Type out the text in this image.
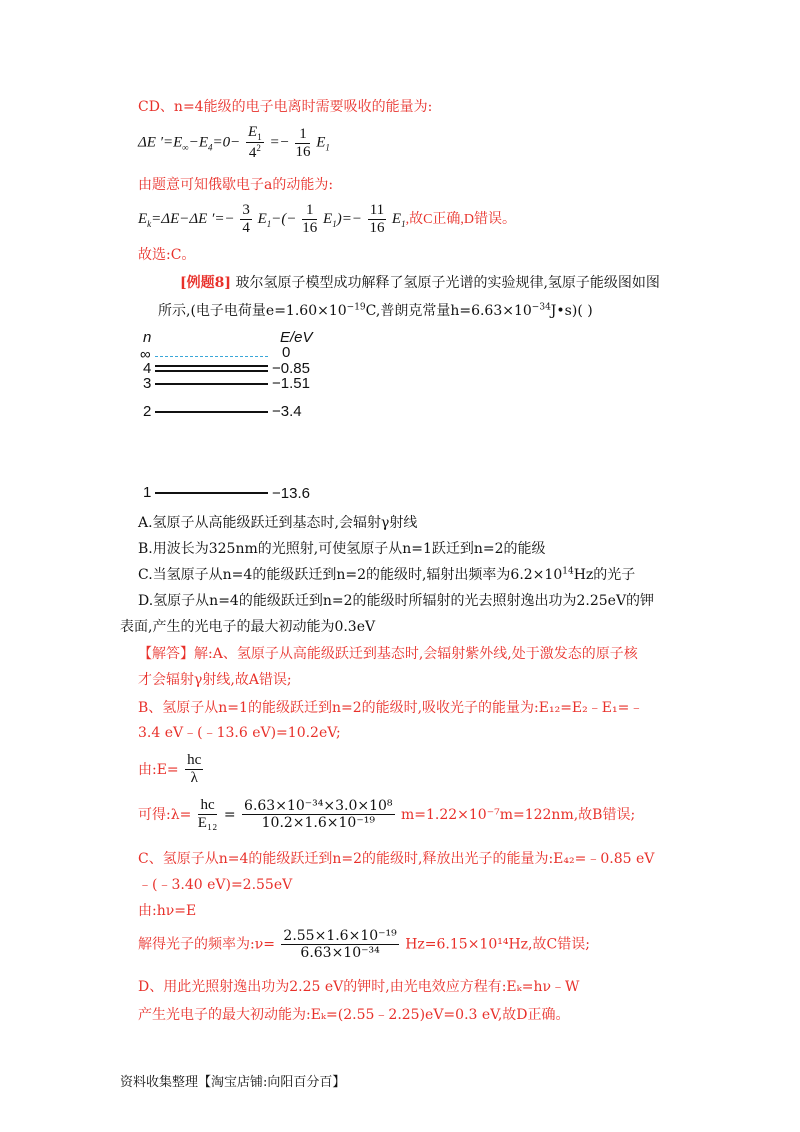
CD、n=4能级的电子电离时需要吸收的能量为:
ΔE $'=E_\infty-E_4=0- \frac{E_1}{4^2} =- \frac{1}{16} E_1$
由题意可知俄歇电子a的动能为:
$E_k=\Delta E-\Delta E$ ′=− $\frac{3}{4} E_1-(- \frac{1}{16} E_1)=- \frac{11}{16} E_1$,故C正确,D错误。
故选:C。
[例题8] 玻尔氢原子模型成功解释了氢原子光谱的实验规律,氢原子能级图如图
所示,(电子电荷量$e=1.60\times 10^{-19}C$,普朗克常量$h=6.63\times 10^{-34}J•s$)( )
n	E/eV
∞	0
4	−0.85
3	−1.51
2	−3.4
1	−13.6
A.氢原子从高能级跃迁到基态时,会辐射γ射线
B.用波长为325nm的光照射,可使氢原子从n=1跃迁到n=2的能级
C.当氢原子从n=4的能级跃迁到n=2的能级时,辐射出频率为$6.2\times 10^{14}Hz$的光子
D.氢原子从n=4的能级跃迁到n=2的能级时所辐射的光去照射逸出功为2.25eV的钾
表面,产生的光电子的最大初动能为0.3eV
【解答】解:A、氢原子从高能级跃迁到基态时,会辐射紫外线,处于激发态的原子核
才会辐射γ射线,故A错误;
B、氢原子从n=1的能级跃迁到n=2的能级时,吸收光子的能量为:E₁₂=E₂﹣E₁=﹣
3.4 eV﹣(﹣13.6 eV)=10.2eV;
由:E= $\frac{hc}{\lambda}$
可得:λ= $\frac{hc}{\text{E₁₂}} = \frac{\text{6.63×10⁻³⁴×3.0×10⁸}}{\text{10.2×1.6×10⁻¹⁹}} m=1.22\times 10^{-7}m=122nm$,故B错误;
C、氢原子从n=4的能级跃迁到n=2的能级时,释放出光子的能量为:E₄₂=﹣0.85 eV
﹣(﹣3.40 eV)=2.55eV
由:hν=E
解得光子的频率为:ν= $\frac{\text{2.55×1.6×10⁻¹⁹}}{\text{6.63×10⁻³⁴}} Hz=6.15\times 10^{14}Hz$,故C错误;
D、用此光照射逸出功为2.25 eV的钾时,由光电效应方程有:Eₖ=hν﹣W
产生光电子的最大初动能为:Eₖ=(2.55﹣2.25)eV=0.3 eV,故D正确。
资料收集整理【淘宝店铺:向阳百分百】
